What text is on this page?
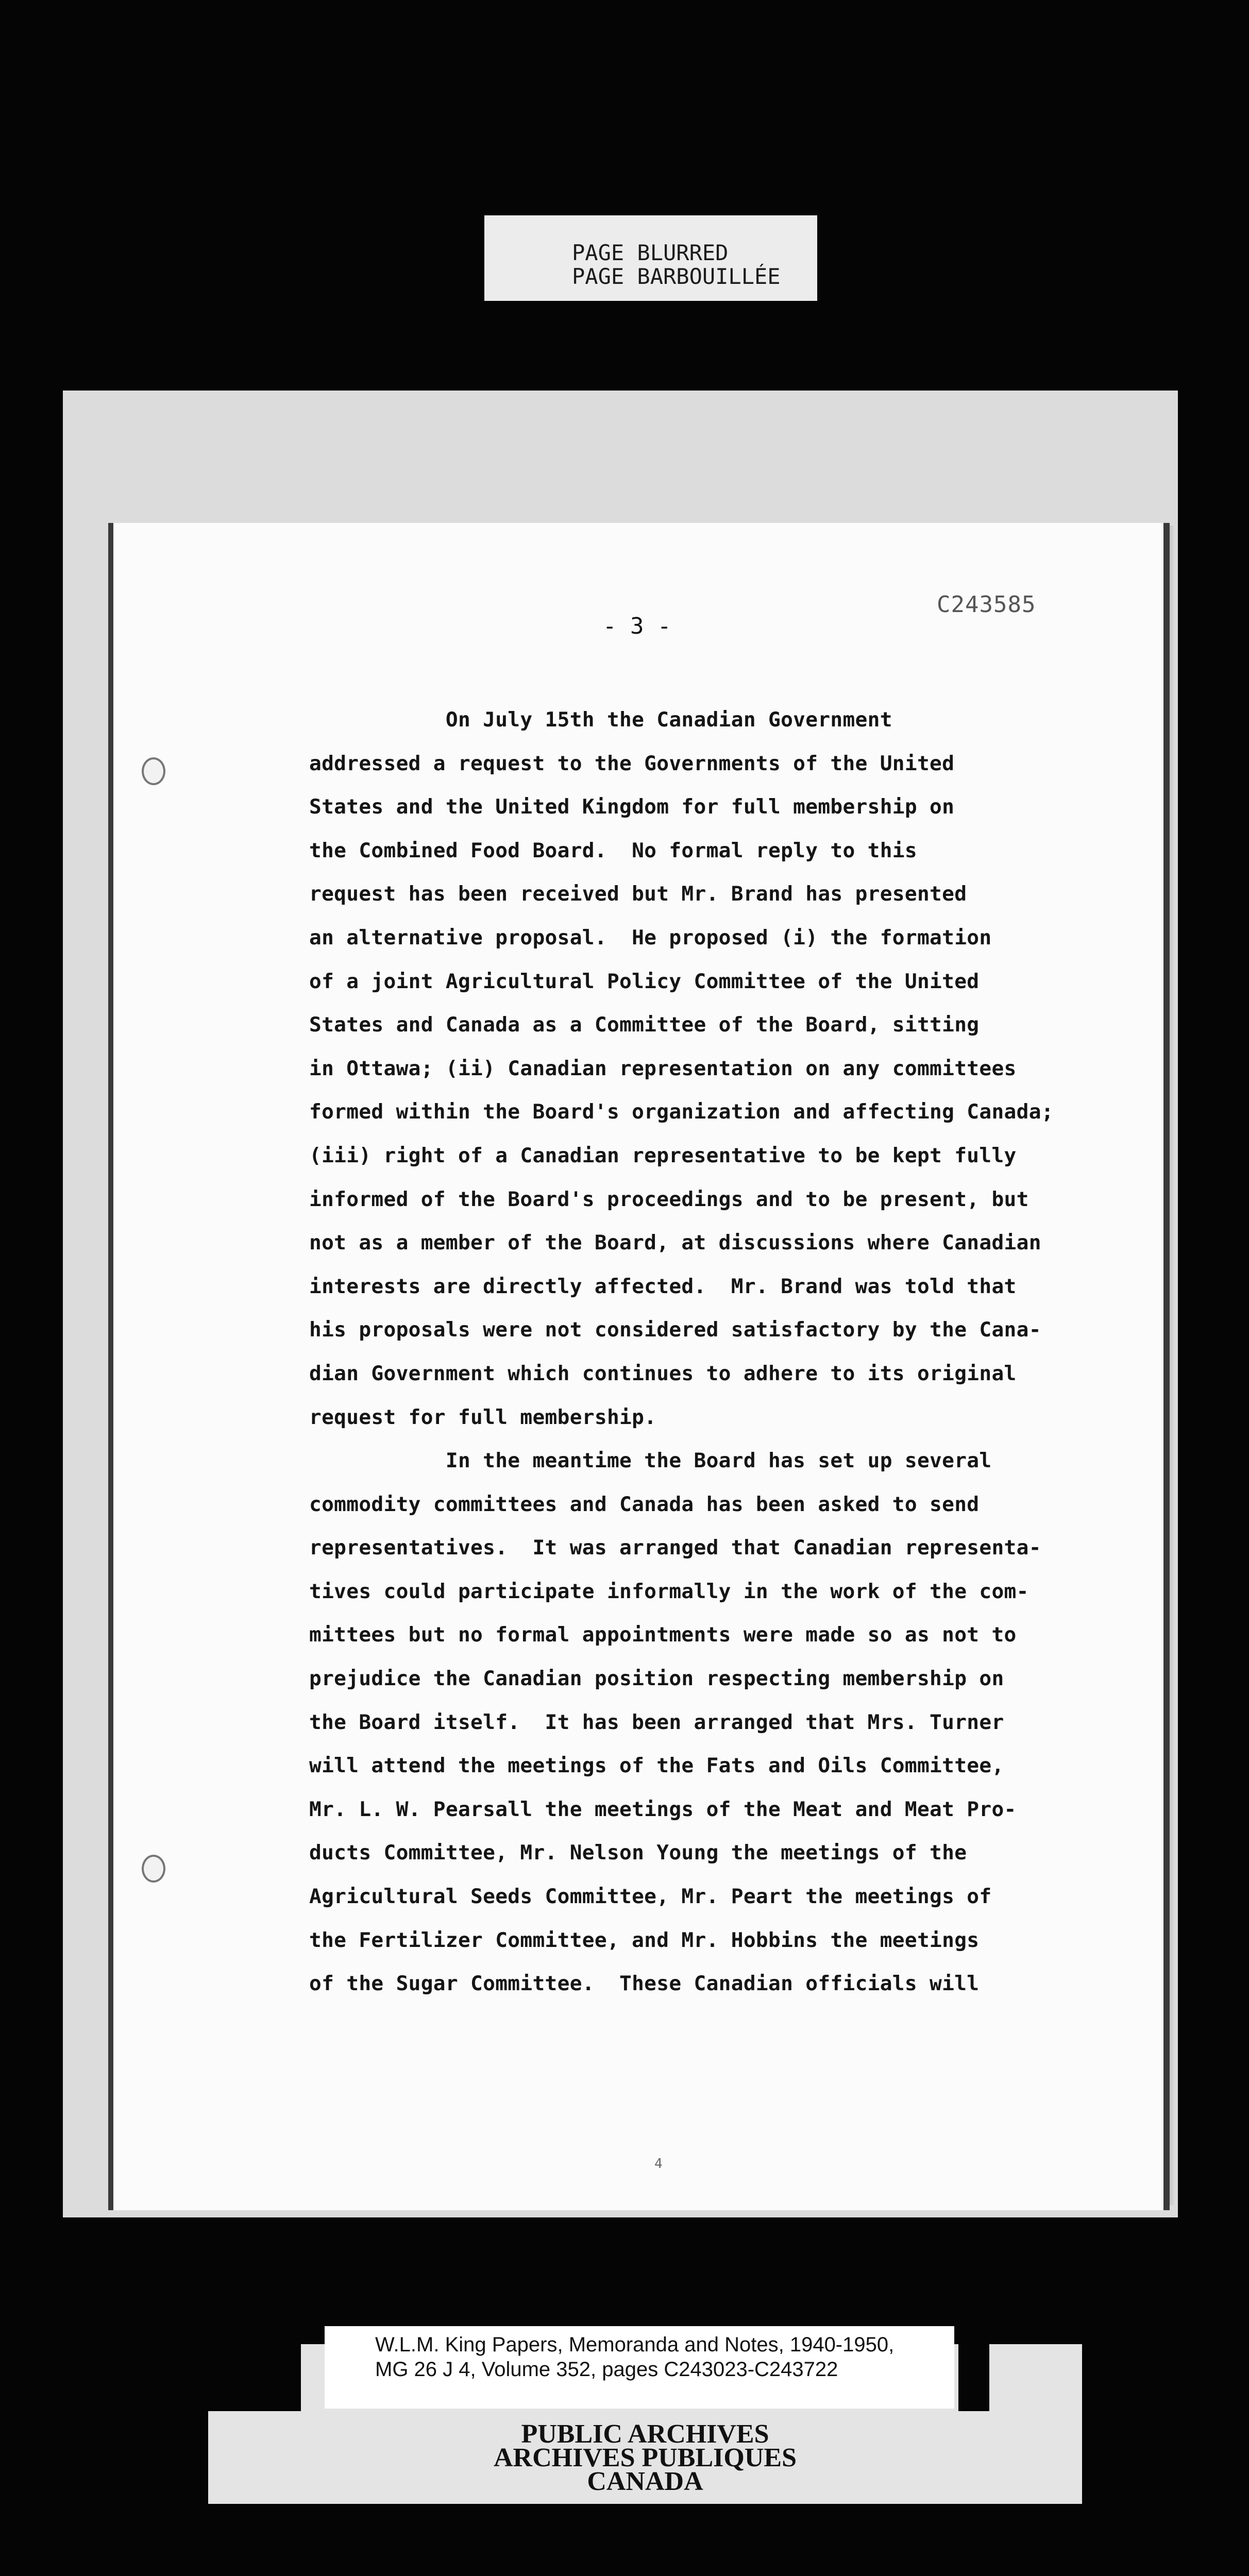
PAGE BLURRED
PAGE BARBOUILLÉE
- 3 -
C243585
On July 15th the Canadian Government
addressed a request to the Governments of the United
States and the United Kingdom for full membership on
the Combined Food Board.  No formal reply to this
request has been received but Mr. Brand has presented
an alternative proposal.  He proposed (i) the formation
of a joint Agricultural Policy Committee of the United
States and Canada as a Committee of the Board, sitting
in Ottawa; (ii) Canadian representation on any committees
formed within the Board's organization and affecting Canada;
(iii) right of a Canadian representative to be kept fully
informed of the Board's proceedings and to be present, but
not as a member of the Board, at discussions where Canadian
interests are directly affected.  Mr. Brand was told that
his proposals were not considered satisfactory by the Cana-
dian Government which continues to adhere to its original
request for full membership.
In the meantime the Board has set up several
commodity committees and Canada has been asked to send
representatives.  It was arranged that Canadian representa-
tives could participate informally in the work of the com-
mittees but no formal appointments were made so as not to
prejudice the Canadian position respecting membership on
the Board itself.  It has been arranged that Mrs. Turner
will attend the meetings of the Fats and Oils Committee,
Mr. L. W. Pearsall the meetings of the Meat and Meat Pro-
ducts Committee, Mr. Nelson Young the meetings of the
Agricultural Seeds Committee, Mr. Peart the meetings of
the Fertilizer Committee, and Mr. Hobbins the meetings
of the Sugar Committee.  These Canadian officials will
4
W.L.M. King Papers, Memoranda and Notes, 1940-1950,
MG 26 J 4, Volume 352, pages C243023-C243722
PUBLIC ARCHIVES
ARCHIVES PUBLIQUES
CANADA
